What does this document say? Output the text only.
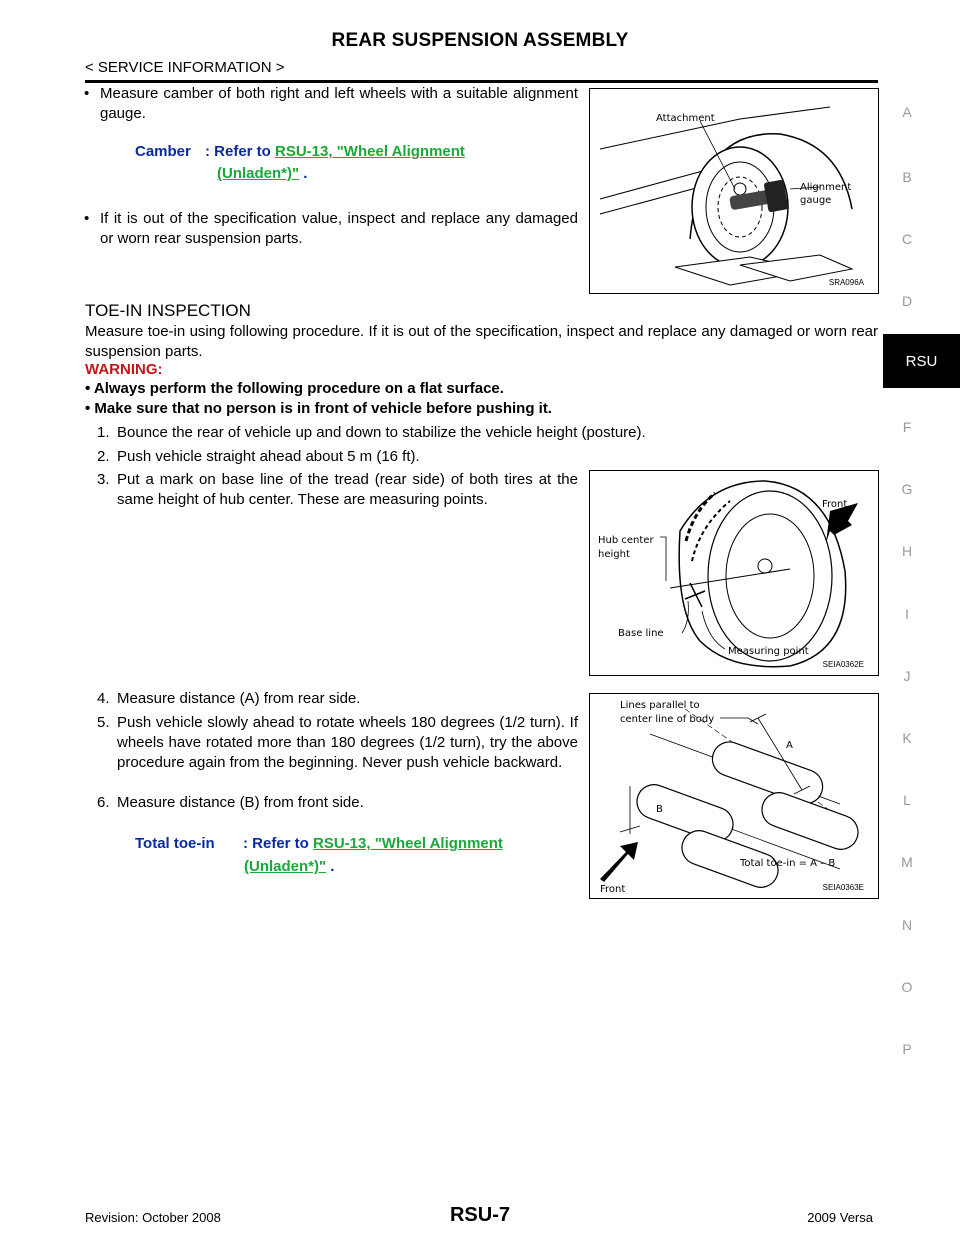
REAR SUSPENSION ASSEMBLY
< SERVICE INFORMATION >
A
B
C
D
RSU
F
G
H
I
J
K
L
M
N
O
P
• Measure camber of both right and left wheels with a suitable alignment gauge.
Camber : Refer to RSU-13, "Wheel Alignment
(Unladen*)" .
• If it is out of the specification value, inspect and replace any damaged or worn rear suspension parts.
Attachment
Alignment
gauge
SRA096A
TOE-IN INSPECTION
Measure toe-in using following procedure. If it is out of the specification, inspect and replace any damaged or worn rear suspension parts.
WARNING:
• Always perform the following procedure on a flat surface.
• Make sure that no person is in front of vehicle before pushing it.
1. Bounce the rear of vehicle up and down to stabilize the vehicle height (posture).
2. Push vehicle straight ahead about 5 m (16 ft).
3. Put a mark on base line of the tread (rear side) of both tires at the same height of hub center. These are measuring points.
4. Measure distance (A) from rear side.
5. Push vehicle slowly ahead to rotate wheels 180 degrees (1/2 turn). If wheels have rotated more than 180 degrees (1/2 turn), try the above procedure again from the beginning. Never push vehicle backward.
6. Measure distance (B) from front side.
Total toe-in : Refer to RSU-13, "Wheel Alignment
(Unladen*)" .
Front
Hub center
height
Base line
Measuring point
SEIA0362E
Lines parallel to
center line of body
A
B
Total toe-in = A – B
Front	SEIA0363E
Revision: October 2008	RSU-7	2009 Versa
